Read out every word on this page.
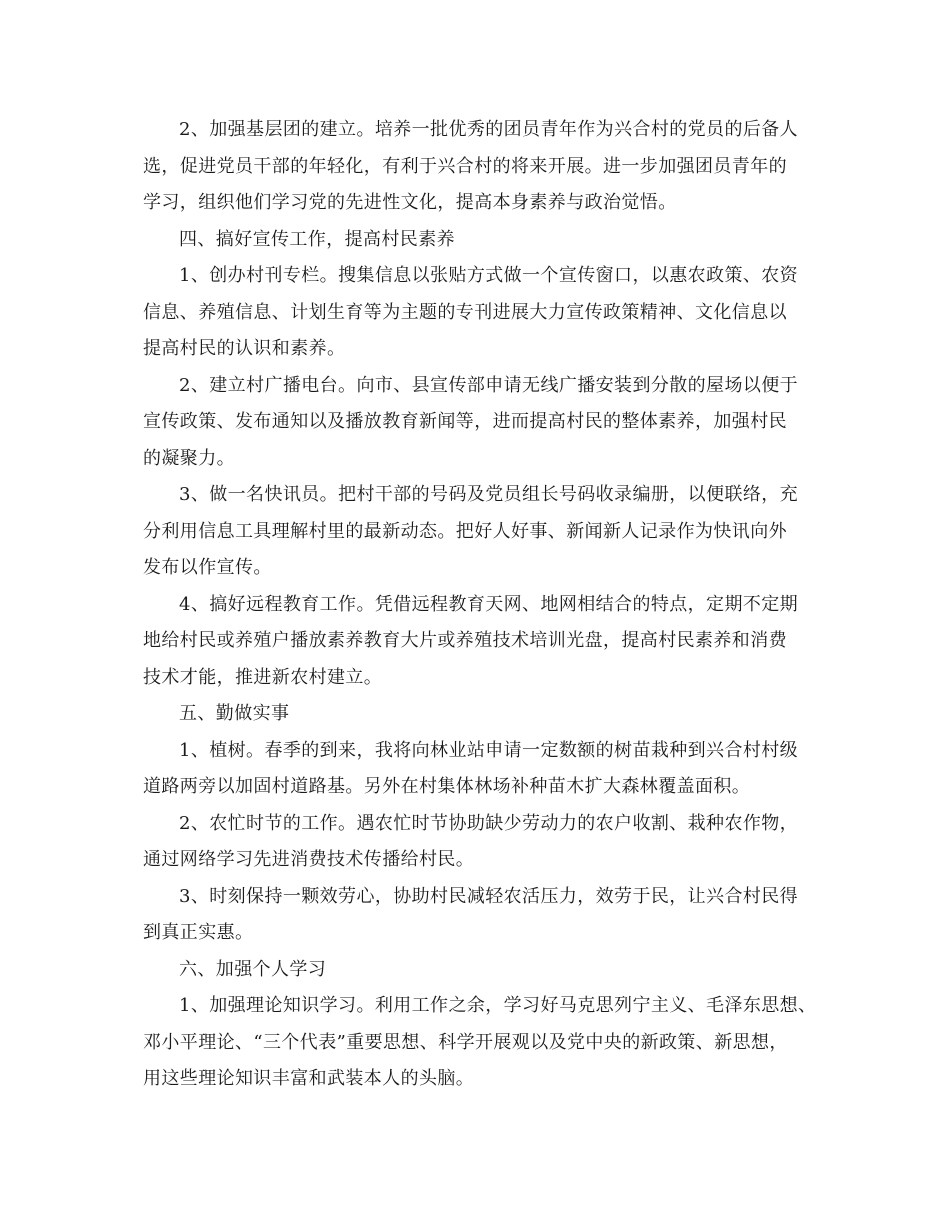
2、加强基层团的建立。培养一批优秀的团员青年作为兴合村的党员的后备人
选，促进党员干部的年轻化，有利于兴合村的将来开展。进一步加强团员青年的
学习，组织他们学习党的先进性文化，提高本身素养与政治觉悟。
四、搞好宣传工作，提高村民素养
1、创办村刊专栏。搜集信息以张贴方式做一个宣传窗口，以惠农政策、农资
信息、养殖信息、计划生育等为主题的专刊进展大力宣传政策精神、文化信息以
提高村民的认识和素养。
2、建立村广播电台。向市、县宣传部申请无线广播安装到分散的屋场以便于
宣传政策、发布通知以及播放教育新闻等，进而提高村民的整体素养，加强村民
的凝聚力。
3、做一名快讯员。把村干部的号码及党员组长号码收录编册，以便联络，充
分利用信息工具理解村里的最新动态。把好人好事、新闻新人记录作为快讯向外
发布以作宣传。
4、搞好远程教育工作。凭借远程教育天网、地网相结合的特点，定期不定期
地给村民或养殖户播放素养教育大片或养殖技术培训光盘，提高村民素养和消费
技术才能，推进新农村建立。
五、勤做实事
1、植树。春季的到来，我将向林业站申请一定数额的树苗栽种到兴合村村级
道路两旁以加固村道路基。另外在村集体林场补种苗木扩大森林覆盖面积。
2、农忙时节的工作。遇农忙时节协助缺少劳动力的农户收割、栽种农作物，
通过网络学习先进消费技术传播给村民。
3、时刻保持一颗效劳心，协助村民减轻农活压力，效劳于民，让兴合村民得
到真正实惠。
六、加强个人学习
1、加强理论知识学习。利用工作之余，学习好马克思列宁主义、毛泽东思想、
邓小平理论、“三个代表”重要思想、科学开展观以及党中央的新政策、新思想，
用这些理论知识丰富和武装本人的头脑。
